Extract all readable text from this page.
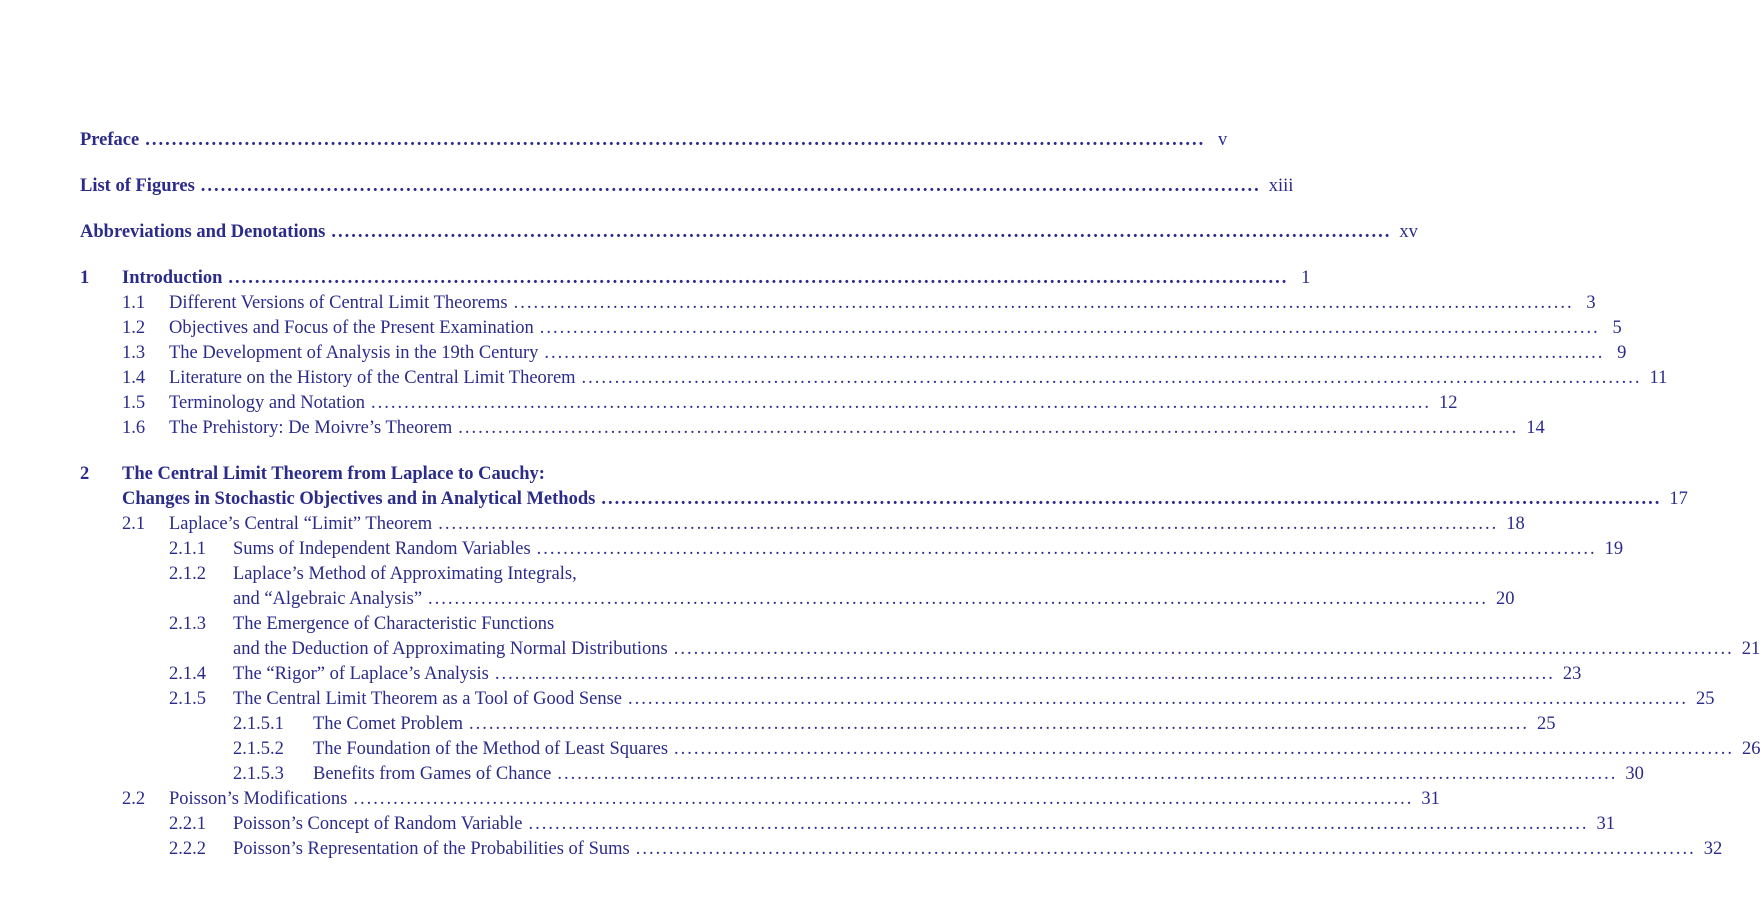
Preface ................................................................................................................................................................ v
List of Figures ................................................................................................................................................................ xiii
Abbreviations and Denotations ................................................................................................................................................................ xv
1 Introduction ................................................................................................................................................................ 1
1.1 Different Versions of Central Limit Theorems ................................................................................................................................................................ 3
1.2 Objectives and Focus of the Present Examination ................................................................................................................................................................ 5
1.3 The Development of Analysis in the 19th Century ................................................................................................................................................................ 9
1.4 Literature on the History of the Central Limit Theorem ................................................................................................................................................................ 11
1.5 Terminology and Notation ................................................................................................................................................................ 12
1.6 The Prehistory: De Moivre’s Theorem ................................................................................................................................................................ 14
2 The Central Limit Theorem from Laplace to Cauchy:
Changes in Stochastic Objectives and in Analytical Methods ................................................................................................................................................................ 17
2.1 Laplace’s Central “Limit” Theorem ................................................................................................................................................................ 18
2.1.1 Sums of Independent Random Variables ................................................................................................................................................................ 19
2.1.2 Laplace’s Method of Approximating Integrals,
and “Algebraic Analysis” ................................................................................................................................................................ 20
2.1.3 The Emergence of Characteristic Functions
and the Deduction of Approximating Normal Distributions ................................................................................................................................................................ 21
2.1.4 The “Rigor” of Laplace’s Analysis ................................................................................................................................................................ 23
2.1.5 The Central Limit Theorem as a Tool of Good Sense ................................................................................................................................................................ 25
2.1.5.1 The Comet Problem ................................................................................................................................................................ 25
2.1.5.2 The Foundation of the Method of Least Squares ................................................................................................................................................................ 26
2.1.5.3 Benefits from Games of Chance ................................................................................................................................................................ 30
2.2 Poisson’s Modifications ................................................................................................................................................................ 31
2.2.1 Poisson’s Concept of Random Variable ................................................................................................................................................................ 31
2.2.2 Poisson’s Representation of the Probabilities of Sums ................................................................................................................................................................ 32
